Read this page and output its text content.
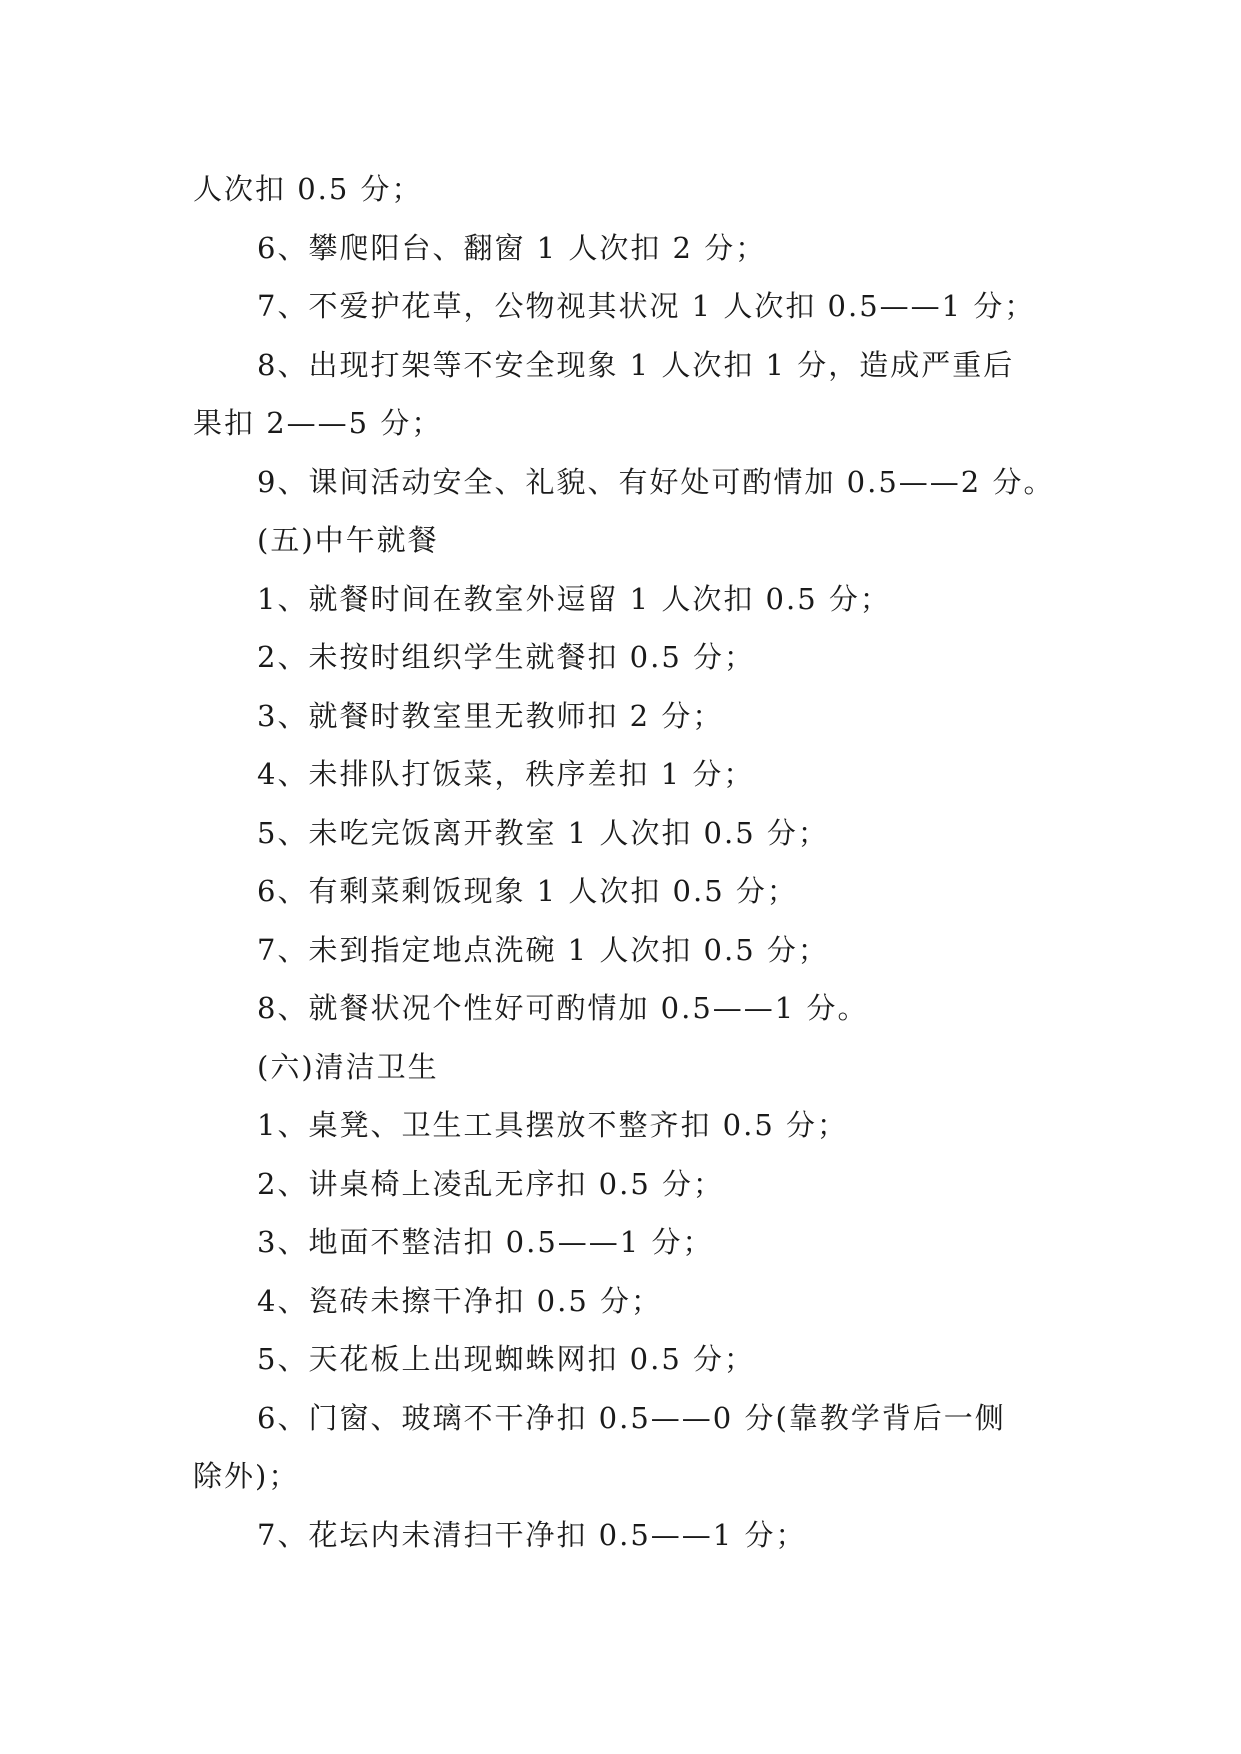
人次扣 0.5 分；
6、攀爬阳台、翻窗 1 人次扣 2 分；
7、不爱护花草，公物视其状况 1 人次扣 0.5——1 分；
8、出现打架等不安全现象 1 人次扣 1 分，造成严重后
果扣 2——5 分；
9、课间活动安全、礼貌、有好处可酌情加 0.5——2 分。
(五)中午就餐
1、就餐时间在教室外逗留 1 人次扣 0.5 分；
2、未按时组织学生就餐扣 0.5 分；
3、就餐时教室里无教师扣 2 分；
4、未排队打饭菜，秩序差扣 1 分；
5、未吃完饭离开教室 1 人次扣 0.5 分；
6、有剩菜剩饭现象 1 人次扣 0.5 分；
7、未到指定地点洗碗 1 人次扣 0.5 分；
8、就餐状况个性好可酌情加 0.5——1 分。
(六)清洁卫生
1、桌凳、卫生工具摆放不整齐扣 0.5 分；
2、讲桌椅上凌乱无序扣 0.5 分；
3、地面不整洁扣 0.5——1 分；
4、瓷砖未擦干净扣 0.5 分；
5、天花板上出现蜘蛛网扣 0.5 分；
6、门窗、玻璃不干净扣 0.5——0 分(靠教学背后一侧
除外)；
7、花坛内未清扫干净扣 0.5——1 分；
